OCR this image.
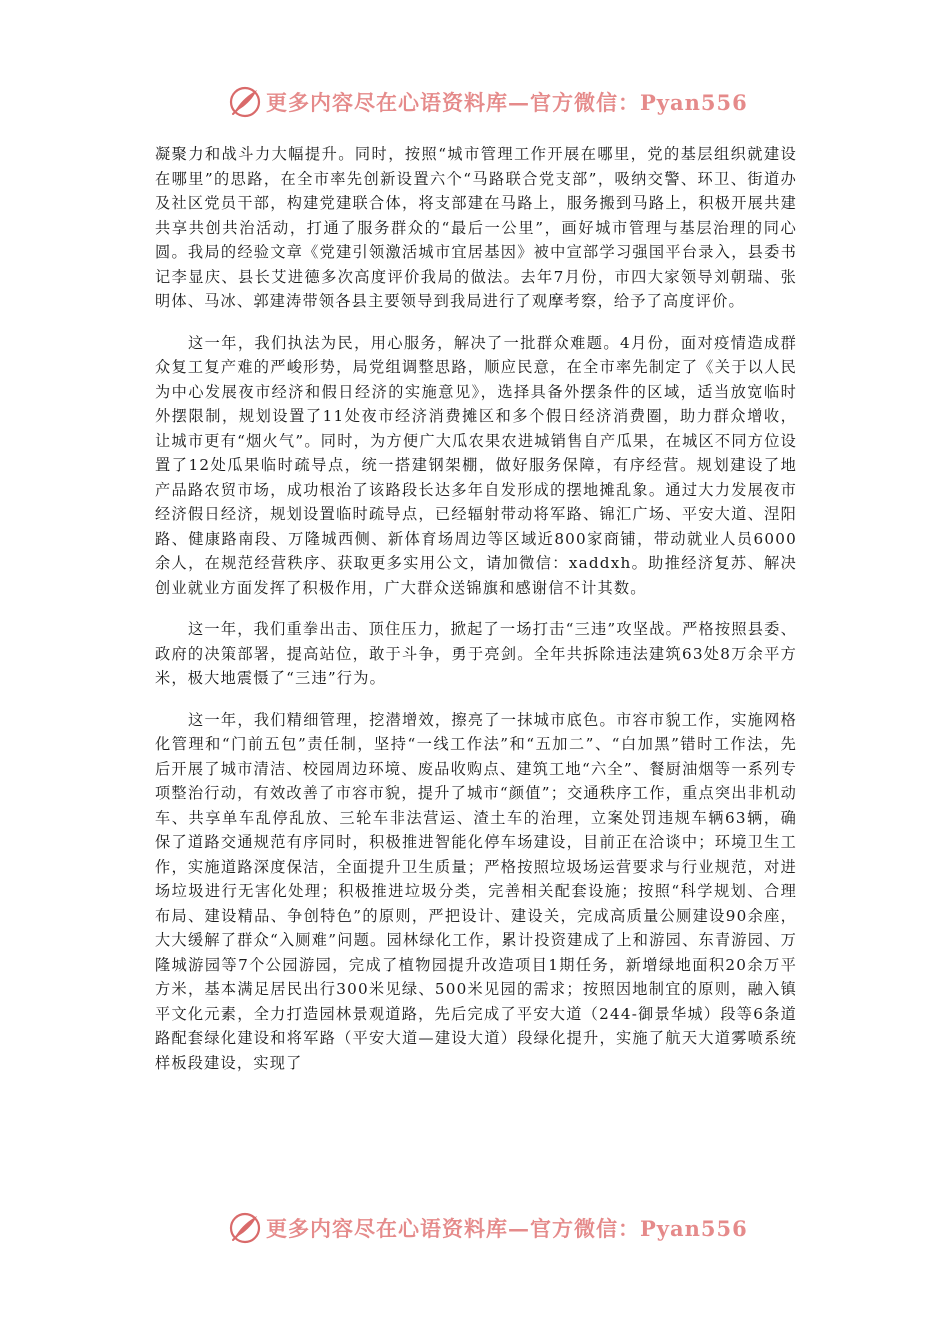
更多内容尽在心语资料库—官方微信：Pyan556

凝聚力和战斗力大幅提升。同时，按照“城市管理工作开展在哪里，党的基层组织就建设在哪里”的思路，在全市率先创新设置六个“马路联合党支部”，吸纳交警、环卫、街道办及社区党员干部，构建党建联合体，将支部建在马路上，服务搬到马路上，积极开展共建共享共创共治活动，打通了服务群众的“最后一公里”，画好城市管理与基层治理的同心圆。我局的经验文章《党建引领激活城市宜居基因》被中宣部学习强国平台录入，县委书记李显庆、县长艾进德多次高度评价我局的做法。去年7月份，市四大家领导刘朝瑞、张明体、马冰、郭建涛带领各县主要领导到我局进行了观摩考察，给予了高度评价。

这一年，我们执法为民，用心服务，解决了一批群众难题。4月份，面对疫情造成群众复工复产难的严峻形势，局党组调整思路，顺应民意，在全市率先制定了《关于以人民为中心发展夜市经济和假日经济的实施意见》，选择具备外摆条件的区域，适当放宽临时外摆限制，规划设置了11处夜市经济消费摊区和多个假日经济消费圈，助力群众增收，让城市更有“烟火气”。同时，为方便广大瓜农果农进城销售自产瓜果，在城区不同方位设置了12处瓜果临时疏导点，统一搭建钢架棚，做好服务保障，有序经营。规划建设了地产品路农贸市场，成功根治了该路段长达多年自发形成的摆地摊乱象。通过大力发展夜市经济假日经济，规划设置临时疏导点，已经辐射带动将军路、锦汇广场、平安大道、涅阳路、健康路南段、万隆城西侧、新体育场周边等区域近800家商铺，带动就业人员6000余人，在规范经营秩序、获取更多实用公文，请加微信：xaddxh。助推经济复苏、解决创业就业方面发挥了积极作用，广大群众送锦旗和感谢信不计其数。

这一年，我们重拳出击、顶住压力，掀起了一场打击“三违”攻坚战。严格按照县委、政府的决策部署，提高站位，敢于斗争，勇于亮剑。全年共拆除违法建筑63处8万余平方米，极大地震慑了“三违”行为。

这一年，我们精细管理，挖潜增效，擦亮了一抹城市底色。市容市貌工作，实施网格化管理和“门前五包”责任制，坚持“一线工作法”和“五加二”、“白加黑”错时工作法，先后开展了城市清洁、校园周边环境、废品收购点、建筑工地“六全”、餐厨油烟等一系列专项整治行动，有效改善了市容市貌，提升了城市“颜值”；交通秩序工作，重点突出非机动车、共享单车乱停乱放、三轮车非法营运、渣土车的治理，立案处罚违规车辆63辆，确保了道路交通规范有序同时，积极推进智能化停车场建设，目前正在洽谈中；环境卫生工作，实施道路深度保洁，全面提升卫生质量；严格按照垃圾场运营要求与行业规范，对进场垃圾进行无害化处理；积极推进垃圾分类，完善相关配套设施；按照“科学规划、合理布局、建设精品、争创特色”的原则，严把设计、建设关，完成高质量公厕建设90余座，大大缓解了群众“入厕难”问题。园林绿化工作，累计投资建成了上和游园、东青游园、万隆城游园等7个公园游园，完成了植物园提升改造项目1期任务，新增绿地面积20余万平方米，基本满足居民出行300米见绿、500米见园的需求；按照因地制宜的原则，融入镇平文化元素，全力打造园林景观道路，先后完成了平安大道（244-御景华城）段等6条道路配套绿化建设和将军路（平安大道—建设大道）段绿化提升，实施了航天大道雾喷系统样板段建设，实现了

更多内容尽在心语资料库—官方微信：Pyan556
